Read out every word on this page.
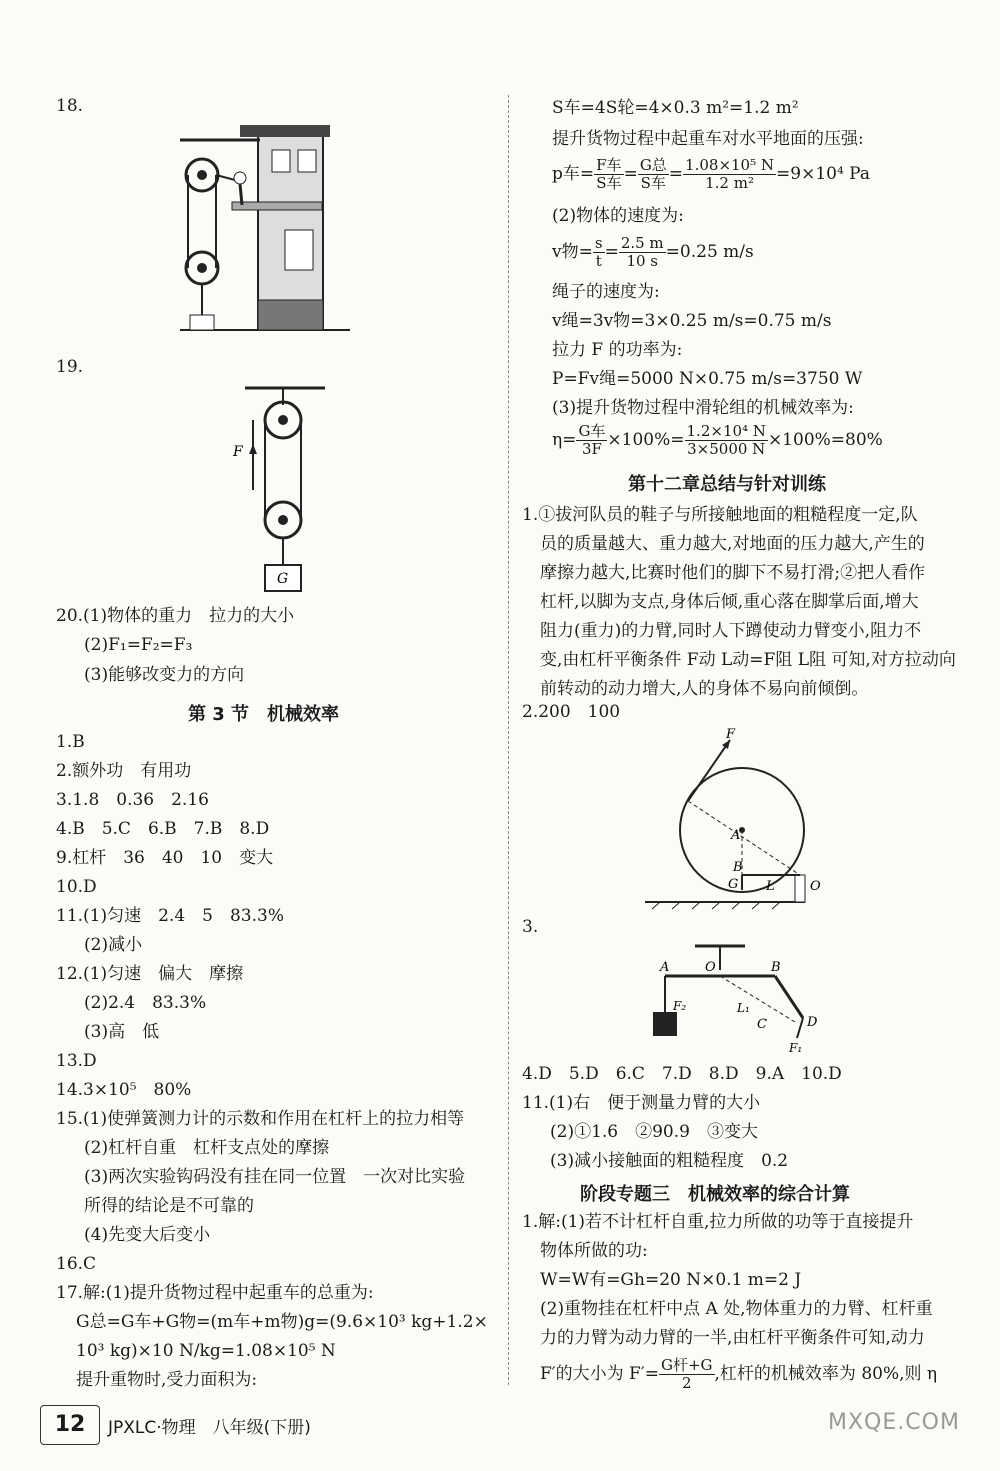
18.
19.
F
G
20.(1)物体的重力　拉力的大小
(2)F₁=F₂=F₃
(3)能够改变力的方向
第 3 节　机械效率
1.B
2.额外功　有用功
3.1.8　0.36　2.16
4.B　5.C　6.B　7.B　8.D
9.杠杆　36　40　10　变大
10.D
11.(1)匀速　2.4　5　83.3%
(2)减小
12.(1)匀速　偏大　摩擦
(2)2.4　83.3%
(3)高　低
13.D
14.3×10⁵　80%
15.(1)使弹簧测力计的示数和作用在杠杆上的拉力相等
(2)杠杆自重　杠杆支点处的摩擦
(3)两次实验钩码没有挂在同一位置　一次对比实验
所得的结论是不可靠的
(4)先变大后变小
16.C
17.解:(1)提升货物过程中起重车的总重为:
G总=G车+G物=(m车+m物)g=(9.6×10³ kg+1.2×
10³ kg)×10 N/kg=1.08×10⁵ N
提升重物时,受力面积为:
S车=4S轮=4×0.3 m²=1.2 m²
提升货物过程中起重车对水平地面的压强:
p车= $\frac{\text{F车}}{\text{S车}} = \frac{\text{G总}}{\text{S车}} = \frac{\text{1.08×10⁵ N}}{\text{1.2 m²}} =9\times 10^4$ Pa
(2)物体的速度为:
v物= $\frac{s}{t} = \frac{2.5 m}{10 s} =0.25$ m/s
绳子的速度为:
v绳=3v物=3×0.25 m/s=0.75 m/s
拉力 F 的功率为:
P=Fv绳=5000 N×0.75 m/s=3750 W
(3)提升货物过程中滑轮组的机械效率为:
$\eta= \frac{\text{G车}}{3F} \times 100\%= \frac{\text{1.2×10⁴ N}}{3\times 5000 N} \times 100\%=80\%$
第十二章总结与针对训练
1.①拔河队员的鞋子与所接触地面的粗糙程度一定,队
员的质量越大、重力越大,对地面的压力越大,产生的
摩擦力越大,比赛时他们的脚下不易打滑;②把人看作
杠杆,以脚为支点,身体后倾,重心落在脚掌后面,增大
阻力(重力)的力臂,同时人下蹲使动力臂变小,阻力不
变,由杠杆平衡条件 F动 L动=F阻 L阻 可知,对方拉动向
前转动的动力增大,人的身体不易向前倾倒。
2.200　100
F
A
B
G L	O
3.
A	O	B
F₂	L₁
C	D
F₁
4.D　5.D　6.C　7.D　8.D　9.A　10.D
11.(1)右　便于测量力臂的大小
(2)①1.6　②90.9　③变大
(3)减小接触面的粗糙程度　0.2
阶段专题三　机械效率的综合计算
1.解:(1)若不计杠杆自重,拉力所做的功等于直接提升
物体所做的功:
W=W有=Gh=20 N×0.1 m=2 J
(2)重物挂在杠杆中点 A 处,物体重力的力臂、杠杆重
力的力臂为动力臂的一半,由杠杆平衡条件可知,动力
F′的大小为 $F'= \frac{\text{G杆+G}}{2}$ ,杠杆的机械效率为 80%,则 η
12	JPXLC·物理　八年级(下册)	MXQE.COM
